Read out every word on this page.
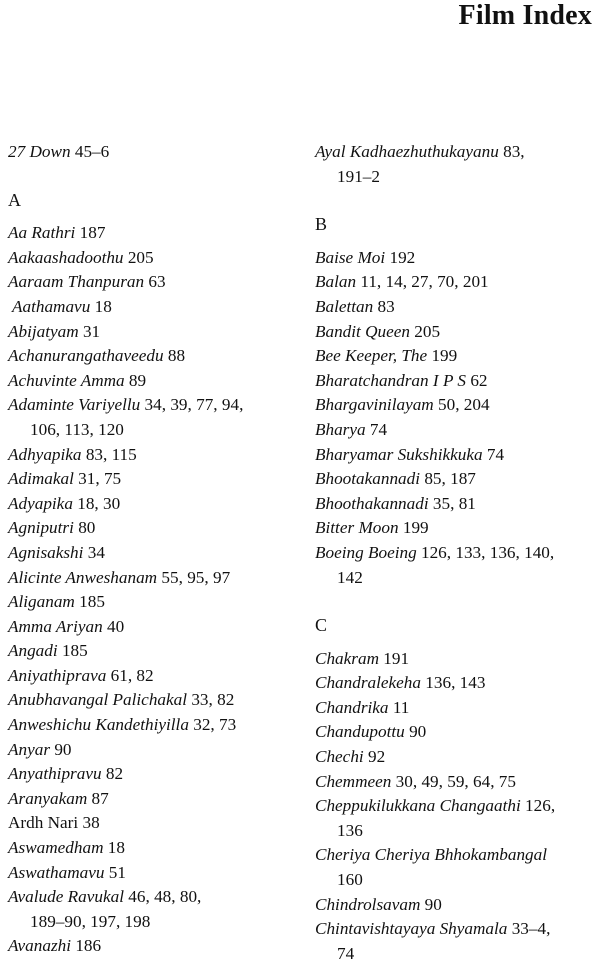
Film Index
27 Down 45–6
A
Aa Rathri 187
Aakaashadoothu 205
Aaraam Thanpuran 63
Aathamavu 18
Abijatyam 31
Achanurangathaveedu 88
Achuvinte Amma 89
Adaminte Variyellu 34, 39, 77, 94,
106, 113, 120
Adhyapika 83, 115
Adimakal 31, 75
Adyapika 18, 30
Agniputri 80
Agnisakshi 34
Alicinte Anweshanam 55, 95, 97
Aliganam 185
Amma Ariyan 40
Angadi 185
Aniyathiprava 61, 82
Anubhavangal Palichakal 33, 82
Anweshichu Kandethiyilla 32, 73
Anyar 90
Anyathipravu 82
Aranyakam 87
Ardh Nari 38
Aswamedham 18
Aswathamavu 51
Avalude Ravukal 46, 48, 80,
189–90, 197, 198
Avanazhi 186
Ayal Kadhaezhuthukayanu 83,
191–2
B
Baise Moi 192
Balan 11, 14, 27, 70, 201
Balettan 83
Bandit Queen 205
Bee Keeper, The 199
Bharatchandran I P S 62
Bhargavinilayam 50, 204
Bharya 74
Bharyamar Sukshikkuka 74
Bhootakannadi 85, 187
Bhoothakannadi 35, 81
Bitter Moon 199
Boeing Boeing 126, 133, 136, 140,
142
C
Chakram 191
Chandralekeha 136, 143
Chandrika 11
Chandupottu 90
Chechi 92
Chemmeen 30, 49, 59, 64, 75
Cheppukilukkana Changaathi 126,
136
Cheriya Cheriya Bhhokambangal
160
Chindrolsavam 90
Chintavishtayaya Shyamala 33–4,
74
